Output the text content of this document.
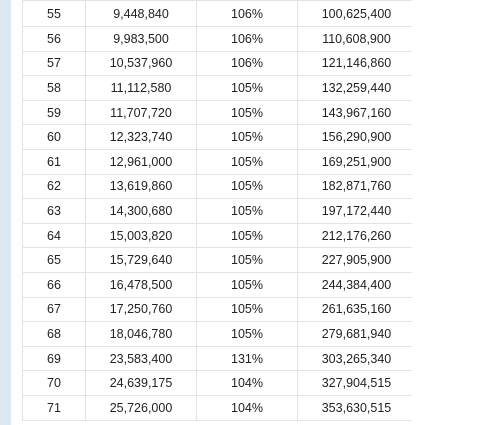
55	9,448,840	106%	100,625,400
56	9,983,500	106%	110,608,900
57	10,537,960	106%	121,146,860
58	11,112,580	105%	132,259,440
59	11,707,720	105%	143,967,160
60	12,323,740	105%	156,290,900
61	12,961,000	105%	169,251,900
62	13,619,860	105%	182,871,760
63	14,300,680	105%	197,172,440
64	15,003,820	105%	212,176,260
65	15,729,640	105%	227,905,900
66	16,478,500	105%	244,384,400
67	17,250,760	105%	261,635,160
68	18,046,780	105%	279,681,940
69	23,583,400	131%	303,265,340
70	24,639,175	104%	327,904,515
71	25,726,000	104%	353,630,515
